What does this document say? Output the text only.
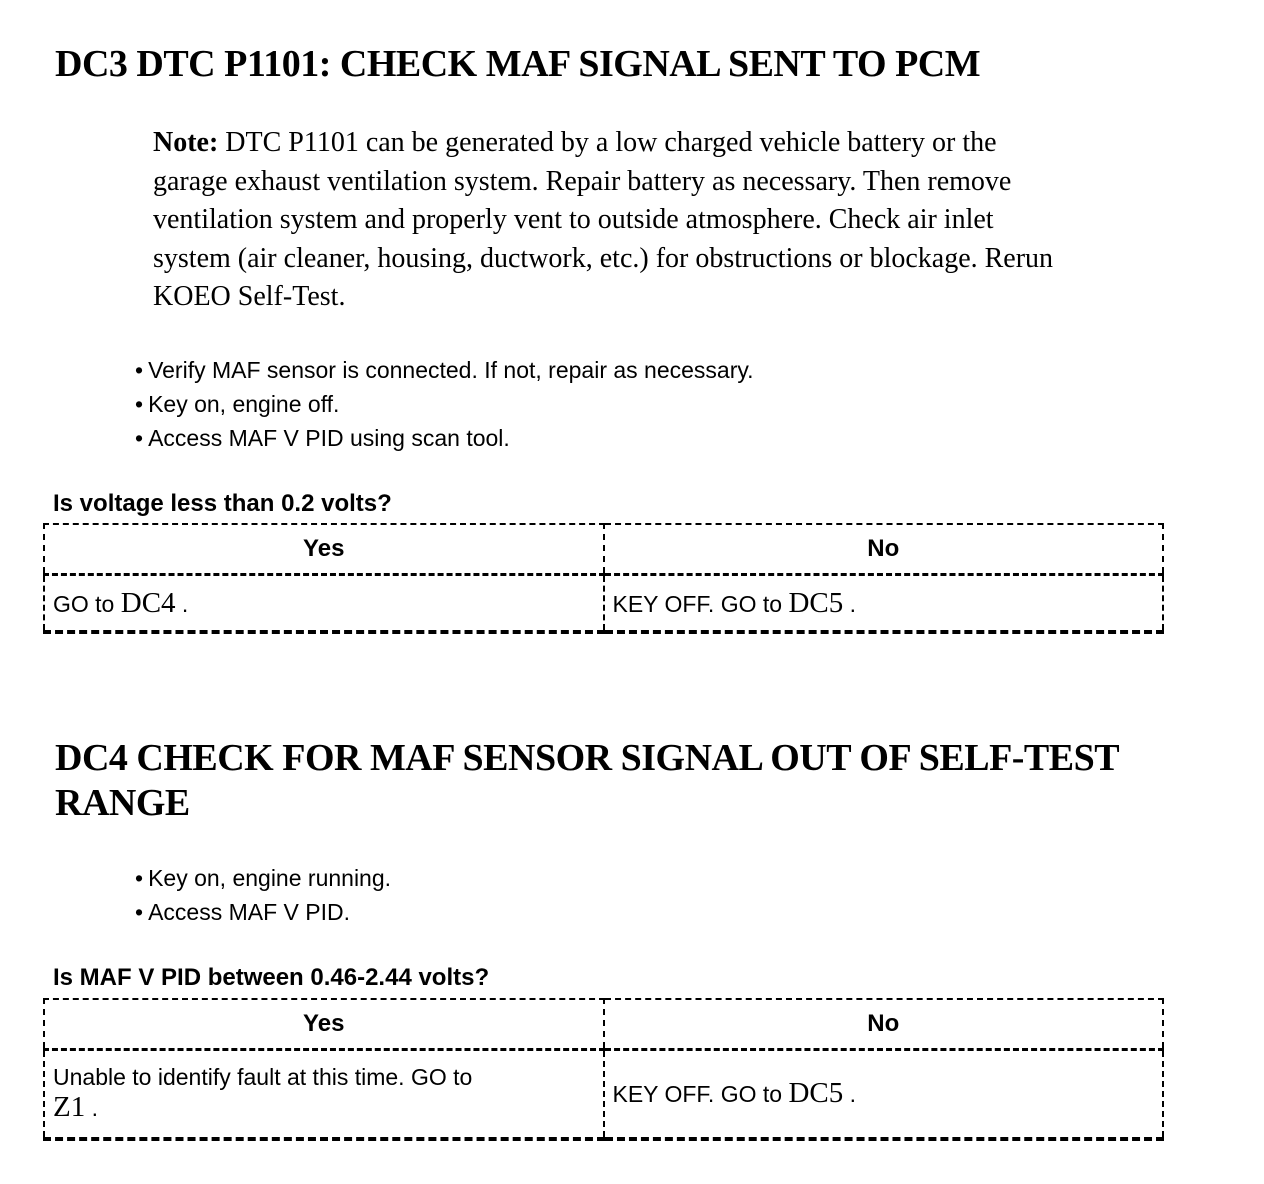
DC3 DTC P1101: CHECK MAF SIGNAL SENT TO PCM

Note: DTC P1101 can be generated by a low charged vehicle battery or the
garage exhaust ventilation system. Repair battery as necessary. Then remove
ventilation system and properly vent to outside atmosphere. Check air inlet
system (air cleaner, housing, ductwork, etc.) for obstructions or blockage. Rerun
KOEO Self-Test.

• Verify MAF sensor is connected. If not, repair as necessary.
• Key on, engine off.
• Access MAF V PID using scan tool.

Is voltage less than 0.2 volts?

Yes	No
GO to DC4 .	KEY OFF. GO to DC5 .
DC4 CHECK FOR MAF SENSOR SIGNAL OUT OF SELF-TEST RANGE
• Key on, engine running.
• Access MAF V PID.

Is MAF V PID between 0.46-2.44 volts?

Yes	No

Unable to identify fault at this time. GO to
Z1 .	KEY OFF. GO to DC5 .
